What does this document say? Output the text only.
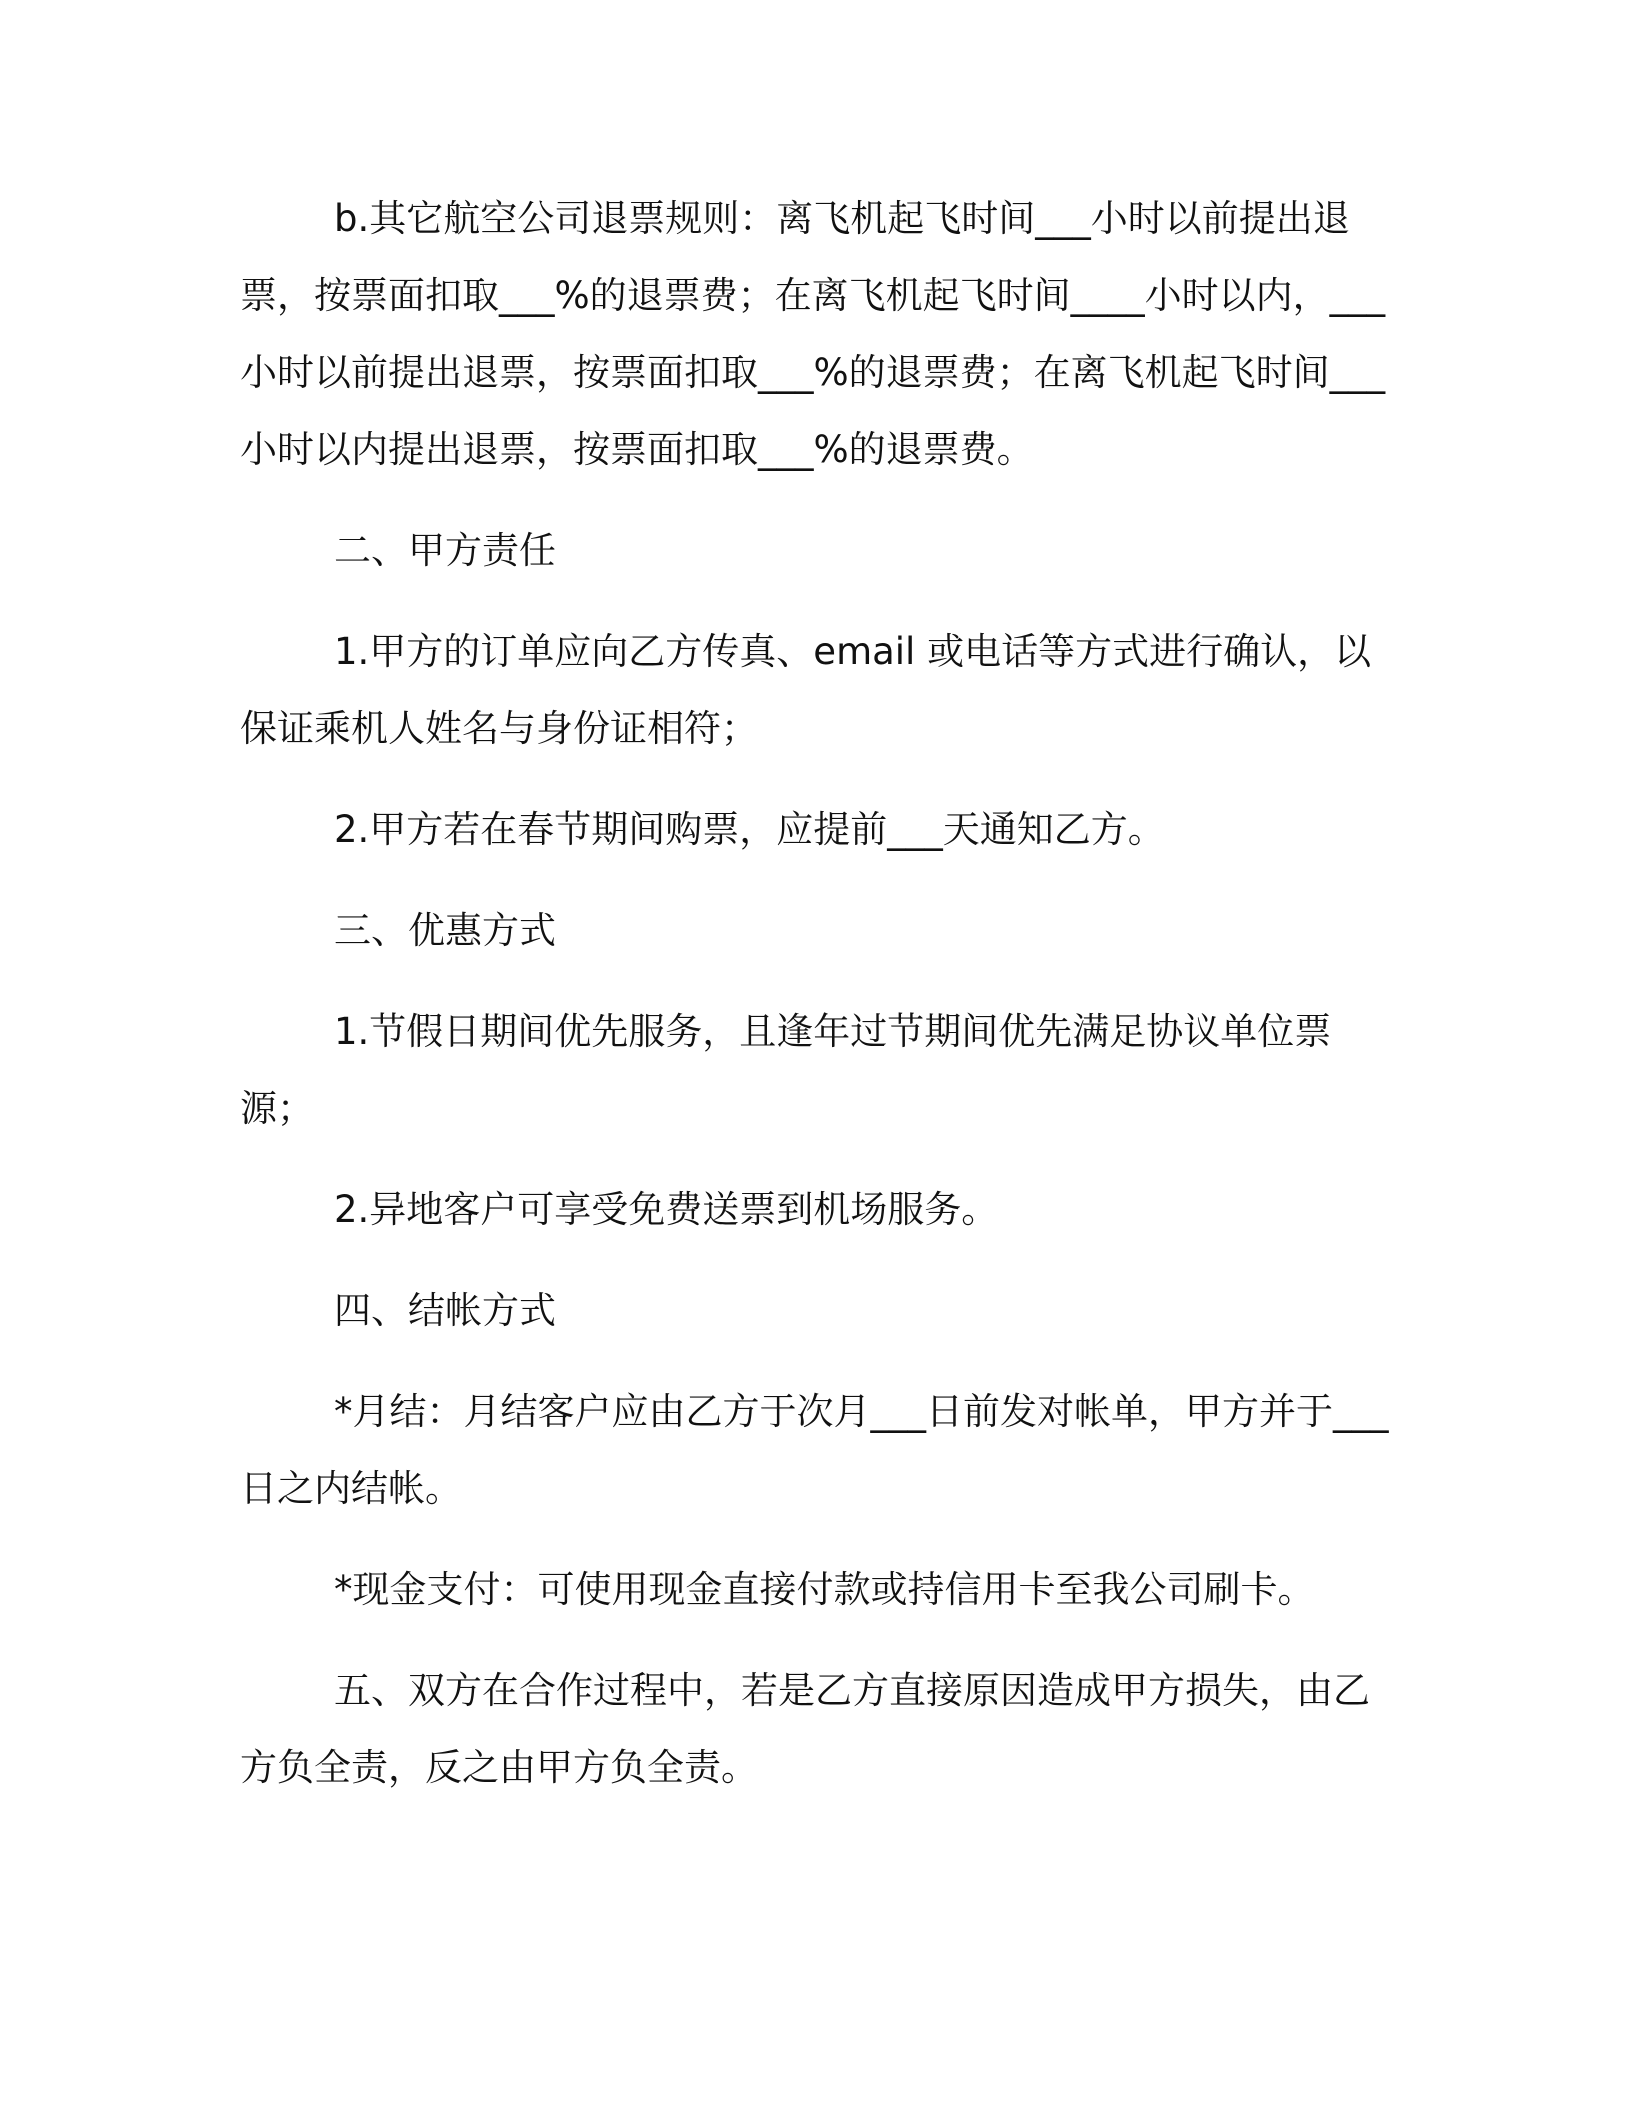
b.其它航空公司退票规则：离飞机起飞时间___小时以前提出退票，按票面扣取___%的退票费；在离飞机起飞时间____小时以内，___小时以前提出退票，按票面扣取___%的退票费；在离飞机起飞时间___小时以内提出退票，按票面扣取___%的退票费。

二、甲方责任

1.甲方的订单应向乙方传真、email 或电话等方式进行确认，以保证乘机人姓名与身份证相符；

2.甲方若在春节期间购票，应提前___天通知乙方。

三、优惠方式

1.节假日期间优先服务，且逢年过节期间优先满足协议单位票源；

2.异地客户可享受免费送票到机场服务。

四、结帐方式

*月结：月结客户应由乙方于次月___日前发对帐单，甲方并于___日之内结帐。

*现金支付：可使用现金直接付款或持信用卡至我公司刷卡。

五、双方在合作过程中，若是乙方直接原因造成甲方损失，由乙方负全责，反之由甲方负全责。
